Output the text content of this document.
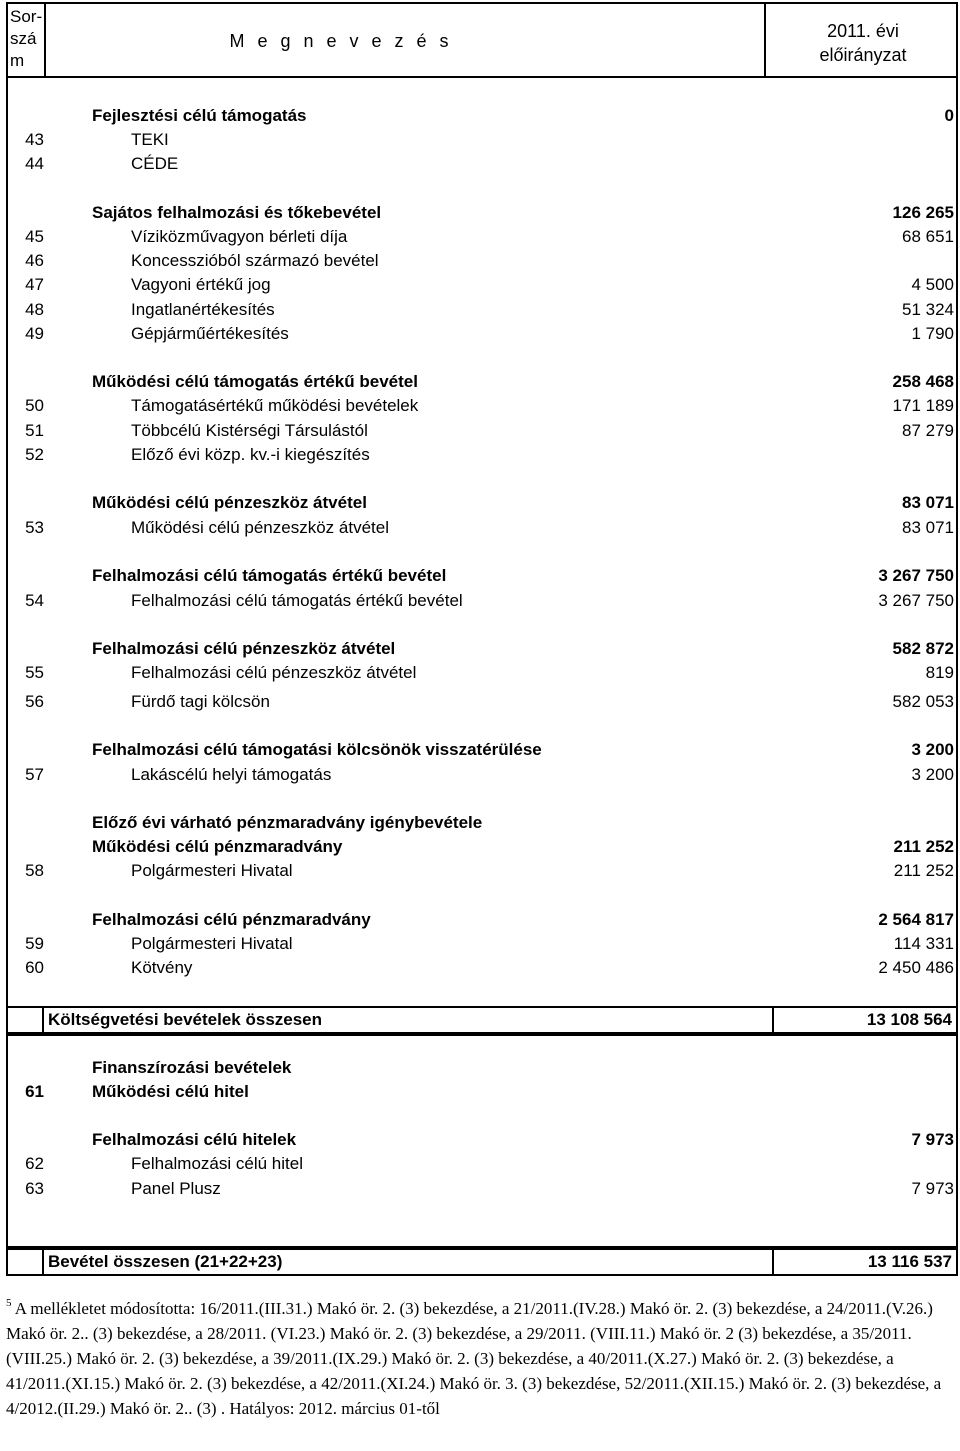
Sor-
szá
m
M e g n e v e z é s	2011. évi
előirányzat
Fejlesztési célú támogatás	0
43	TEKI
44	CÉDE
Sajátos felhalmozási és tőkebevétel	126 265
45	Víziközművagyon bérleti díja	68 651
46	Koncesszióból származó bevétel
47	Vagyoni értékű jog	4 500
48	Ingatlanértékesítés	51 324
49	Gépjárműértékesítés	1 790
Működési célú támogatás értékű bevétel	258 468
50	Támogatásértékű működési bevételek	171 189
51	Többcélú Kistérségi Társulástól	87 279
52	Előző évi közp. kv.-i kiegészítés
Működési célú pénzeszköz átvétel	83 071
53	Működési célú pénzeszköz átvétel	83 071
Felhalmozási célú támogatás értékű bevétel	3 267 750
54	Felhalmozási célú támogatás értékű bevétel	3 267 750
Felhalmozási célú pénzeszköz átvétel	582 872
55	Felhalmozási célú pénzeszköz átvétel	819
56	Fürdő tagi kölcsön	582 053
Felhalmozási célú támogatási kölcsönök visszatérülése	3 200
57	Lakáscélú helyi támogatás	3 200
Előző évi várható pénzmaradvány igénybevétele
Működési célú pénzmaradvány	211 252
58	Polgármesteri Hivatal	211 252
Felhalmozási célú pénzmaradvány	2 564 817
59	Polgármesteri Hivatal	114 331
60	Kötvény	2 450 486
Költségvetési bevételek összesen	13 108 564
Finanszírozási bevételek
61	Működési célú hitel
Felhalmozási célú hitelek	7 973
62	Felhalmozási célú hitel
63	Panel Plusz	7 973
Bevétel összesen (21+22+23)	13 116 537
$^5$ A mellékletet módosította: 16/2011.(III.31.) Makó ör. 2. (3) bekezdése, a 21/2011.(IV.28.) Makó ör. 2. (3) bekezdése, a 24/2011.(V.26.) Makó ör. 2.. (3) bekezdése, a 28/2011. (VI.23.) Makó ör. 2. (3) bekezdése, a 29/2011. (VIII.11.) Makó ör. 2 (3) bekezdése, a 35/2011.(VIII.25.) Makó ör. 2. (3) bekezdése, a 39/2011.(IX.29.) Makó ör. 2. (3) bekezdése, a 40/2011.(X.27.) Makó ör. 2. (3) bekezdése, a 41/2011.(XI.15.) Makó ör. 2. (3) bekezdése, a 42/2011.(XI.24.) Makó ör. 3. (3) bekezdése, 52/2011.(XII.15.) Makó ör. 2. (3) bekezdése, a 4/2012.(II.29.) Makó ör. 2.. (3) . Hatályos: 2012. március 01-től
